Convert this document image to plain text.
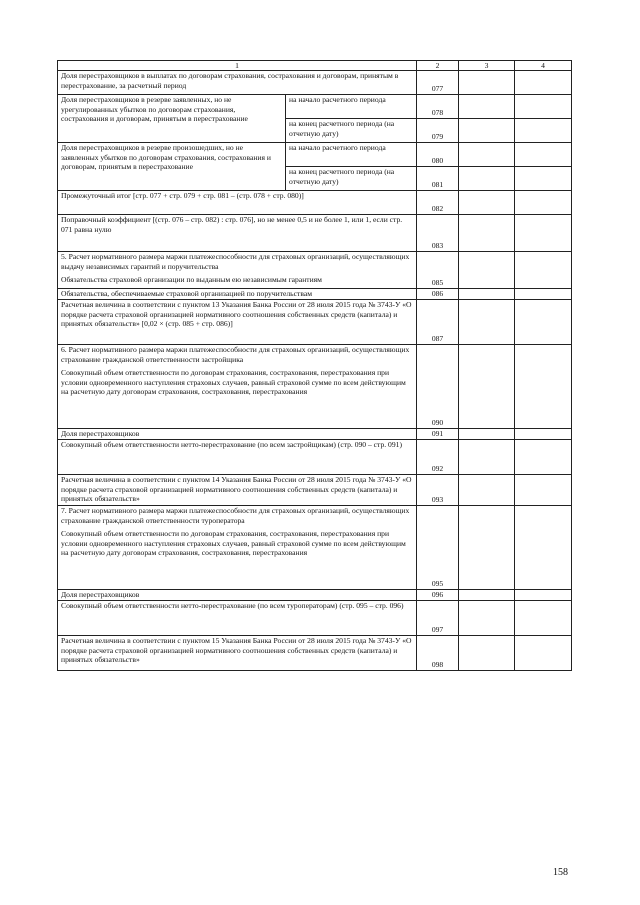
1		2	3	4
Доля перестраховщиков в выплатах по договорам страхования, сострахования и договорам, принятым в перестрахование, за расчетный период		077		
Доля перестраховщиков в резерве заявленных, но не урегулированных убытков по договорам страхования, сострахования и договорам, принятым в перестрахование	на начало расчетного периода	078		
	на конец расчетного периода (на отчетную дату)	079		
Доля перестраховщиков в резерве произошедших, но не заявленных убытков по договорам страхования, сострахования и договорам, принятым в перестрахование	на начало расчетного периода	080		
	на конец расчетного периода (на отчетную дату)	081		
Промежуточный итог [стр. 077 + стр. 079 + стр. 081 – (стр. 078 + стр. 080)]		082		
Поправочный коэффициент [(стр. 076 – стр. 082) : стр. 076], но не менее 0,5 и не более 1, или 1, если стр. 071 равна нулю		083		

5. Расчет нормативного размера маржи платежеспособности для страховых организаций, осуществляющих выдачу независимых гарантий и поручительства
Обязательства страховой организации по выданным ею независимым гарантиям		085		
Обязательства, обеспечиваемые страховой организацией по поручительствам		086		
Расчетная величина в соответствии с пунктом 13 Указания Банка России от 28 июля 2015 года № 3743-У «О порядке расчета страховой организацией нормативного соотношения собственных средств (капитала) и принятых обязательств» [0,02 × (стр. 085 + стр. 086)]		087		

6. Расчет нормативного размера маржи платежеспособности для страховых организаций, осуществляющих страхование гражданской ответственности застройщика
Совокупный объем ответственности по договорам страхования, сострахования, перестрахования при условии одновременного наступления страховых случаев, равный страховой сумме по всем действующим на расчетную дату договорам страхования, сострахования, перестрахования		090		
Доля перестраховщиков		091		
Совокупный объем ответственности нетто-перестрахование (по всем застройщикам) (стр. 090 – стр. 091)		092		
Расчетная величина в соответствии с пунктом 14 Указания Банка России от 28 июля 2015 года № 3743-У «О порядке расчета страховой организацией нормативного соотношения собственных средств (капитала) и принятых обязательств»		093		

7. Расчет нормативного размера маржи платежеспособности для страховых организаций, осуществляющих страхование гражданской ответственности туроператора
Совокупный объем ответственности по договорам страхования, сострахования, перестрахования при условии одновременного наступления страховых случаев, равный страховой сумме по всем действующим на расчетную дату договорам страхования, сострахования, перестрахования		095		
Доля перестраховщиков		096		
Совокупный объем ответственности нетто-перестрахование (по всем туроператорам) (стр. 095 – стр. 096)		097		
Расчетная величина в соответствии с пунктом 15 Указания Банка России от 28 июля 2015 года № 3743-У «О порядке расчета страховой организацией нормативного соотношения собственных средств (капитала) и принятых обязательств»		098		
158
